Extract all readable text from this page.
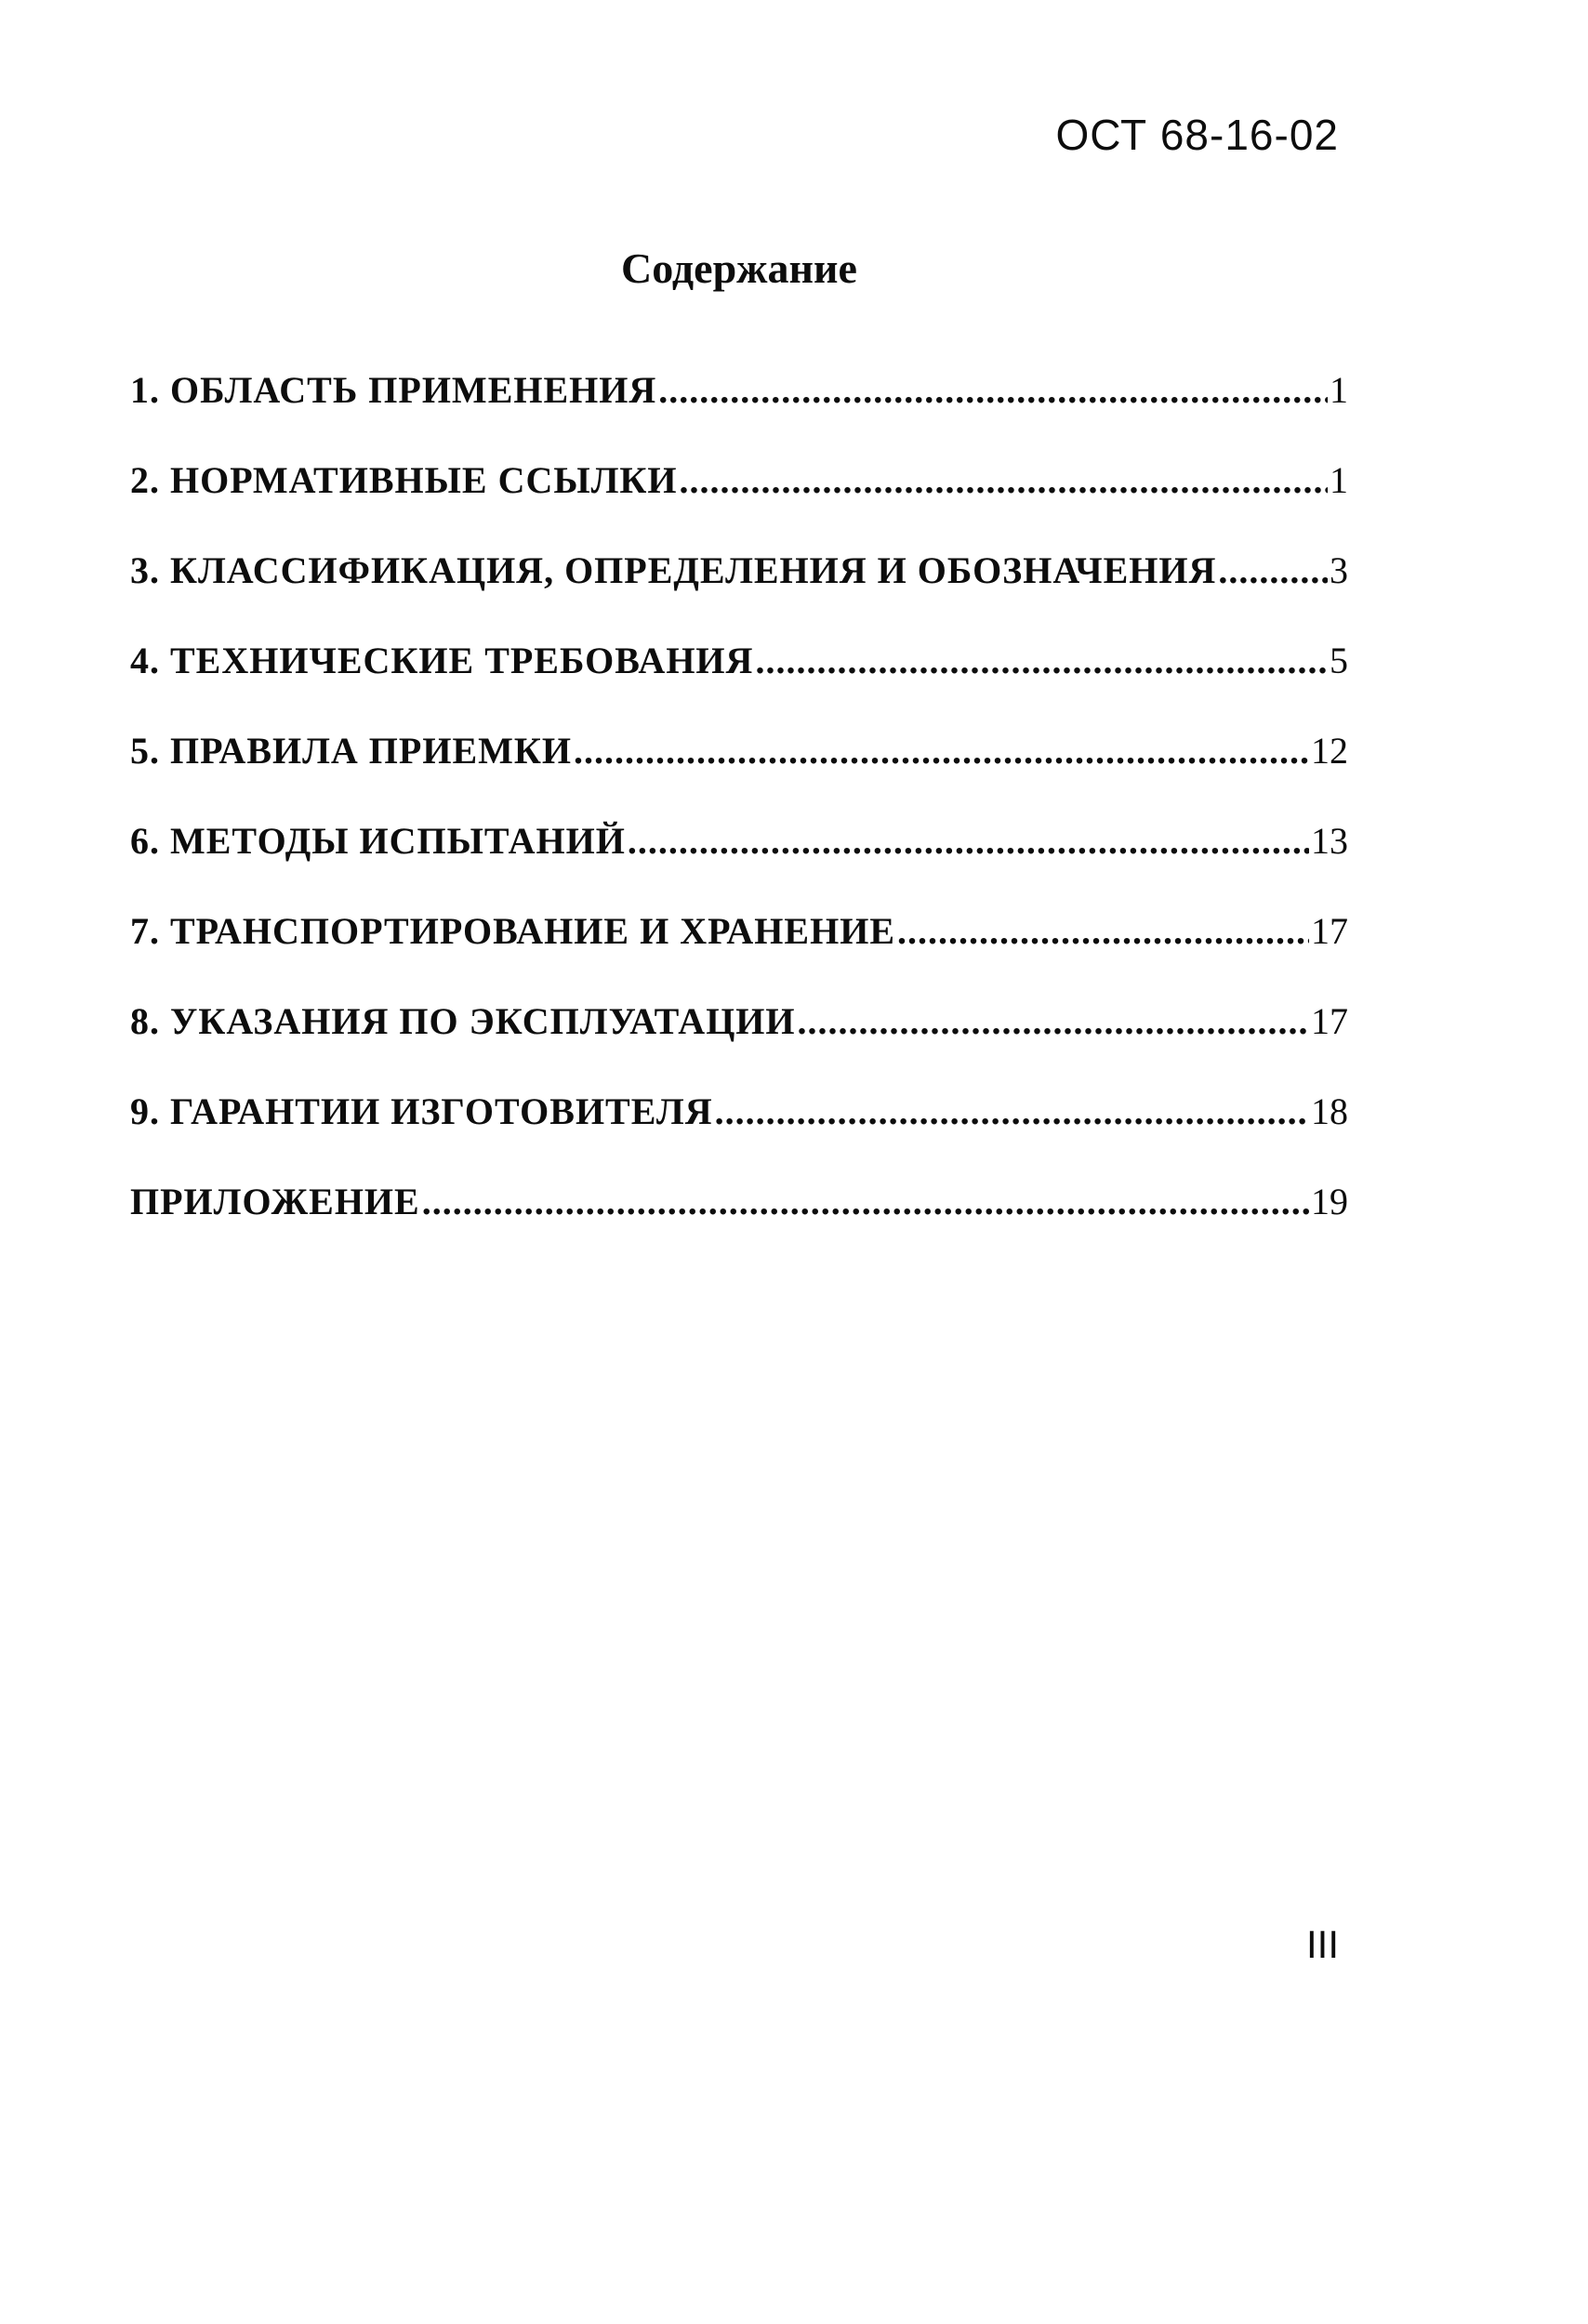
ОСТ 68-16-02

Содержание
1. ОБЛАСТЬ ПРИМЕНЕНИЯ .....	1
2. НОРМАТИВНЫЕ ССЫЛКИ .....	1
3. КЛАССИФИКАЦИЯ, ОПРЕДЕЛЕНИЯ И ОБОЗНАЧЕНИЯ .....	3
4. ТЕХНИЧЕСКИЕ ТРЕБОВАНИЯ .....	5
5. ПРАВИЛА ПРИЕМКИ .....	12
6. МЕТОДЫ ИСПЫТАНИЙ .....	13
7. ТРАНСПОРТИРОВАНИЕ И ХРАНЕНИЕ .....	17
8. УКАЗАНИЯ ПО ЭКСПЛУАТАЦИИ .....	17
9. ГАРАНТИИ ИЗГОТОВИТЕЛЯ .....	18
ПРИЛОЖЕНИЕ .....	19

III
